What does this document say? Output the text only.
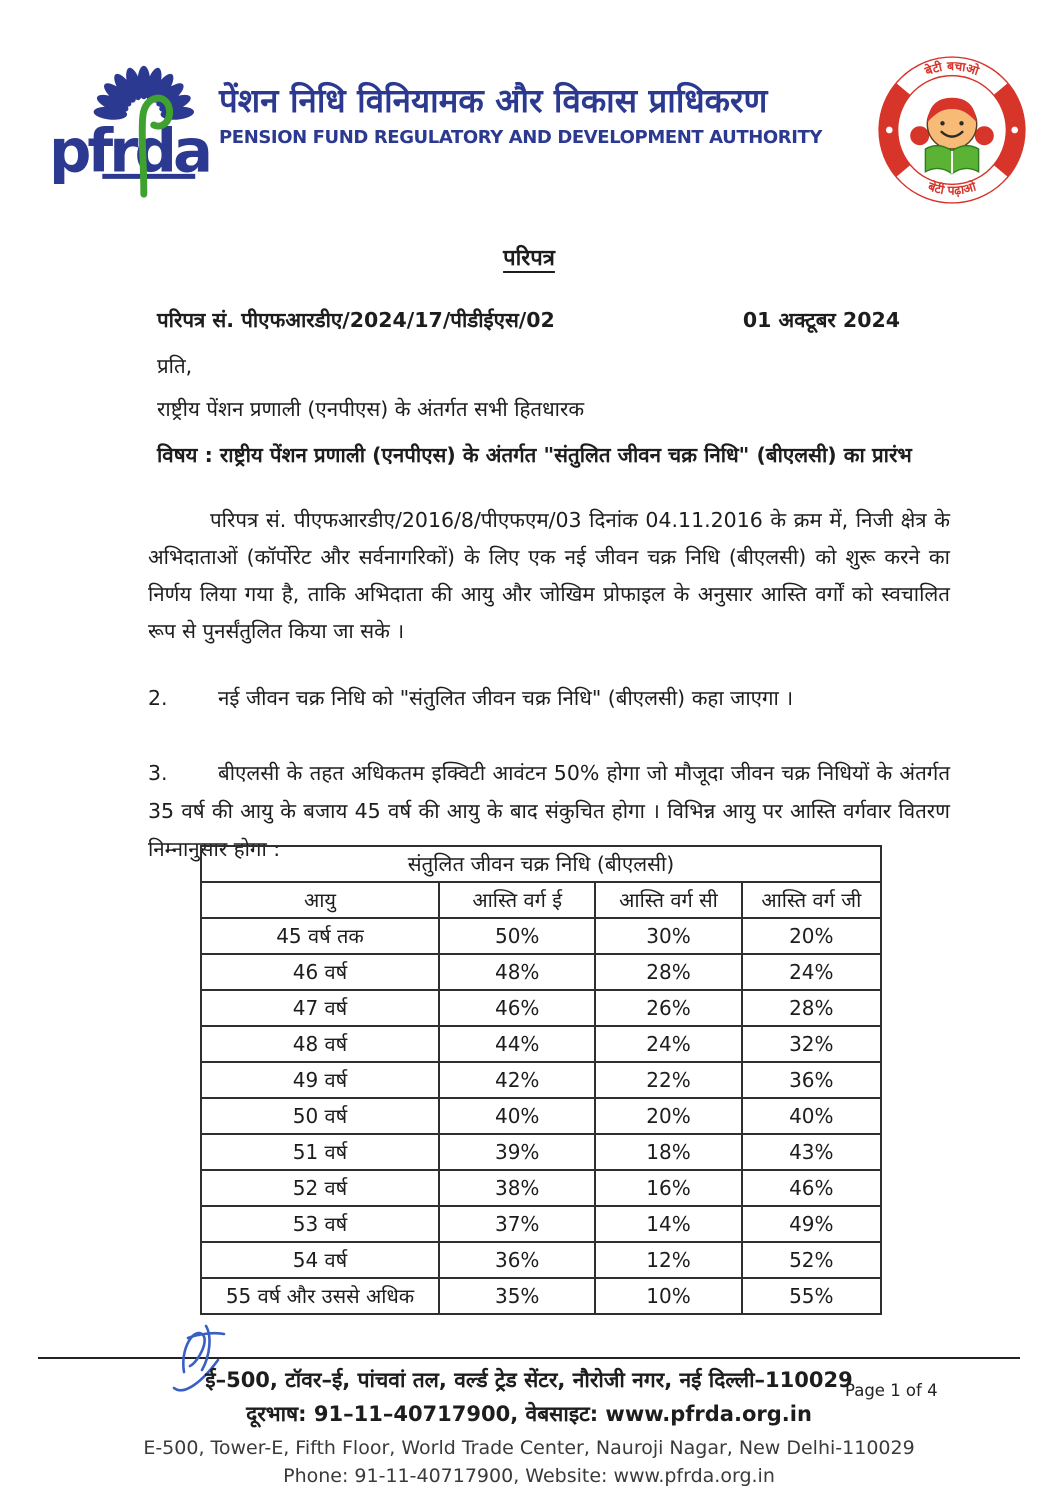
pfrda
पेंशन निधि विनियामक और विकास प्राधिकरण
PENSION FUND REGULATORY AND DEVELOPMENT AUTHORITY
बेटी बचाओ
बेटी पढ़ाओ
परिपत्र
परिपत्र सं. पीएफआरडीए/2024/17/पीडीईएस/02	01 अक्टूबर 2024
प्रति,
राष्ट्रीय पेंशन प्रणाली (एनपीएस) के अंतर्गत सभी हितधारक
विषय : राष्ट्रीय पेंशन प्रणाली (एनपीएस) के अंतर्गत "संतुलित जीवन चक्र निधि" (बीएलसी) का प्रारंभ

परिपत्र सं. पीएफआरडीए/2016/8/पीएफएम/03 दिनांक 04.11.2016 के क्रम में, निजी क्षेत्र के अभिदाताओं (कॉर्पोरेट और सर्वनागरिकों) के लिए एक नई जीवन चक्र निधि (बीएलसी) को शुरू करने का निर्णय लिया गया है, ताकि अभिदाता की आयु और जोखिम प्रोफाइल के अनुसार आस्ति वर्गों को स्वचालित रूप से पुनर्संतुलित किया जा सके ।

2. नई जीवन चक्र निधि को "संतुलित जीवन चक्र निधि" (बीएलसी) कहा जाएगा ।

3. बीएलसी के तहत अधिकतम इक्विटी आवंटन 50% होगा जो मौजूदा जीवन चक्र निधियों के अंतर्गत 35 वर्ष की आयु के बजाय 45 वर्ष की आयु के बाद संकुचित होगा । विभिन्न आयु पर आस्ति वर्गवार वितरण निम्नानुसार होगा :

संतुलित जीवन चक्र निधि (बीएलसी)			
आयु	आस्ति वर्ग ई	आस्ति वर्ग सी	आस्ति वर्ग जी
45 वर्ष तक	50%	30%	20%
46 वर्ष	48%	28%	24%
47 वर्ष	46%	26%	28%
48 वर्ष	44%	24%	32%
49 वर्ष	42%	22%	36%
50 वर्ष	40%	20%	40%
51 वर्ष	39%	18%	43%
52 वर्ष	38%	16%	46%
53 वर्ष	37%	14%	49%
54 वर्ष	36%	12%	52%
55 वर्ष और उससे अधिक	35%	10%	55%
ई–500, टॉवर–ई, पांचवां तल, वर्ल्ड ट्रेड सेंटर, नौरोजी नगर, नई दिल्ली–110029
दूरभाष: 91–11–40717900, वेबसाइट: www.pfrda.org.in
Page 1 of 4
E-500, Tower-E, Fifth Floor, World Trade Center, Nauroji Nagar, New Delhi-110029
Phone: 91-11-40717900, Website: www.pfrda.org.in
